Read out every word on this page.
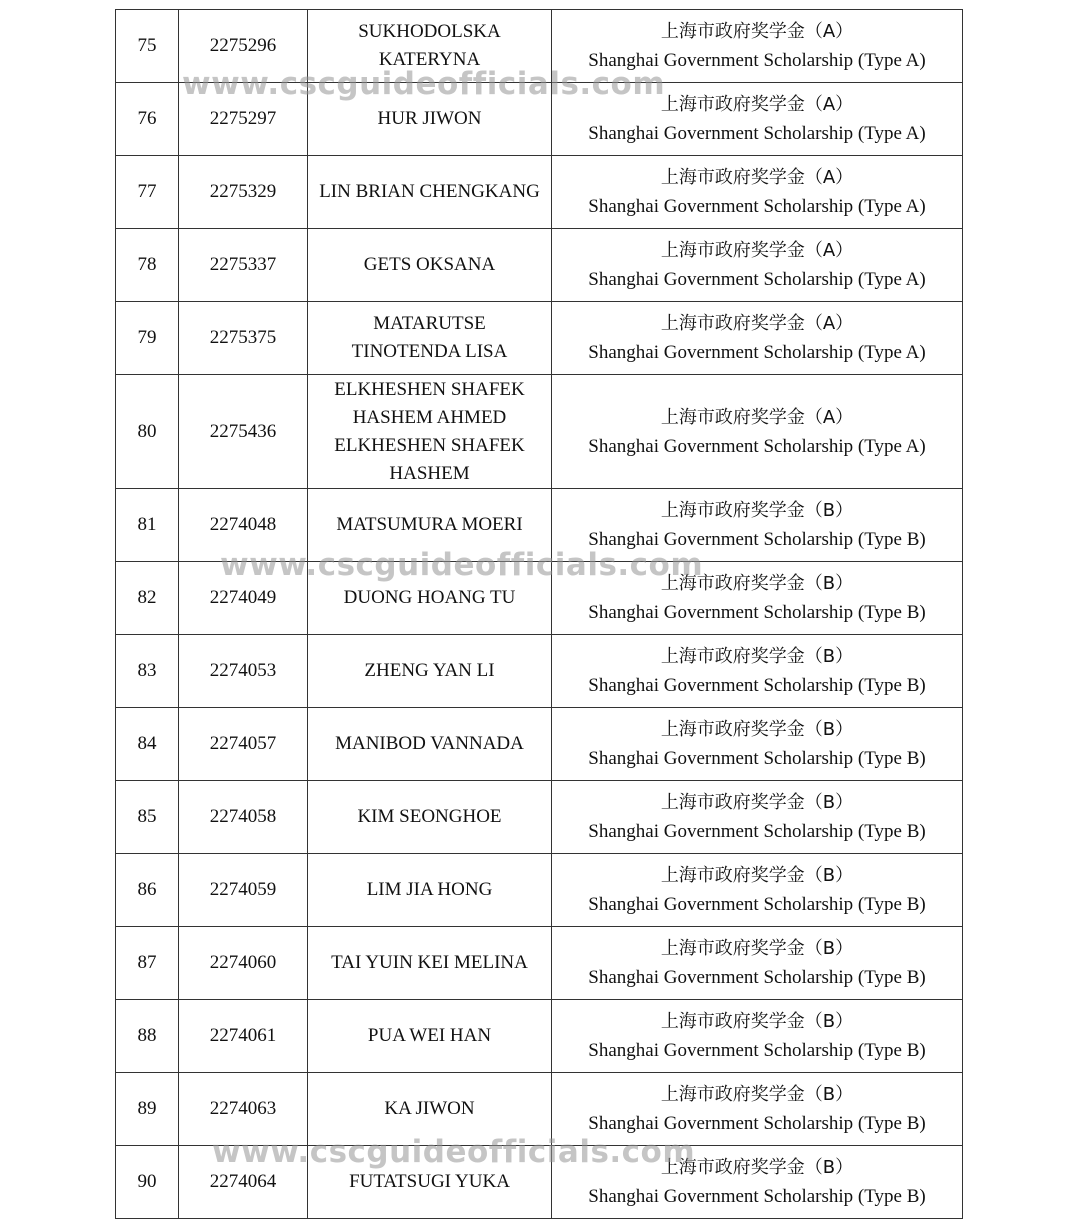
75	2275296	SUKHODOLSKA
KATERYNA	上海市政府奖学金（A）
Shanghai Government Scholarship (Type A)

76	2275297	HUR JIWON	上海市政府奖学金（A）
Shanghai Government Scholarship (Type A)

77	2275329	LIN BRIAN CHENGKANG	上海市政府奖学金（A）
Shanghai Government Scholarship (Type A)

78	2275337	GETS OKSANA	上海市政府奖学金（A）
Shanghai Government Scholarship (Type A)

79	2275375	MATARUTSE
TINOTENDA LISA	上海市政府奖学金（A）
Shanghai Government Scholarship (Type A)

80	2275436	ELKHESHEN SHAFEK
HASHEM AHMED
ELKHESHEN SHAFEK
HASHEM	上海市政府奖学金（A）
Shanghai Government Scholarship (Type A)

81	2274048	MATSUMURA MOERI	上海市政府奖学金（B）
Shanghai Government Scholarship (Type B)

82	2274049	DUONG HOANG TU	上海市政府奖学金（B）
Shanghai Government Scholarship (Type B)

83	2274053	ZHENG YAN LI	上海市政府奖学金（B）
Shanghai Government Scholarship (Type B)

84	2274057	MANIBOD VANNADA	上海市政府奖学金（B）
Shanghai Government Scholarship (Type B)

85	2274058	KIM SEONGHOE	上海市政府奖学金（B）
Shanghai Government Scholarship (Type B)

86	2274059	LIM JIA HONG	上海市政府奖学金（B）
Shanghai Government Scholarship (Type B)

87	2274060	TAI YUIN KEI MELINA	上海市政府奖学金（B）
Shanghai Government Scholarship (Type B)

88	2274061	PUA WEI HAN	上海市政府奖学金（B）
Shanghai Government Scholarship (Type B)

89	2274063	KA JIWON	上海市政府奖学金（B）
Shanghai Government Scholarship (Type B)

90	2274064	FUTATSUGI YUKA	上海市政府奖学金（B）
Shanghai Government Scholarship (Type B)
www.cscguideofficials.com
www.cscguideofficials.com
www.cscguideofficials.com
